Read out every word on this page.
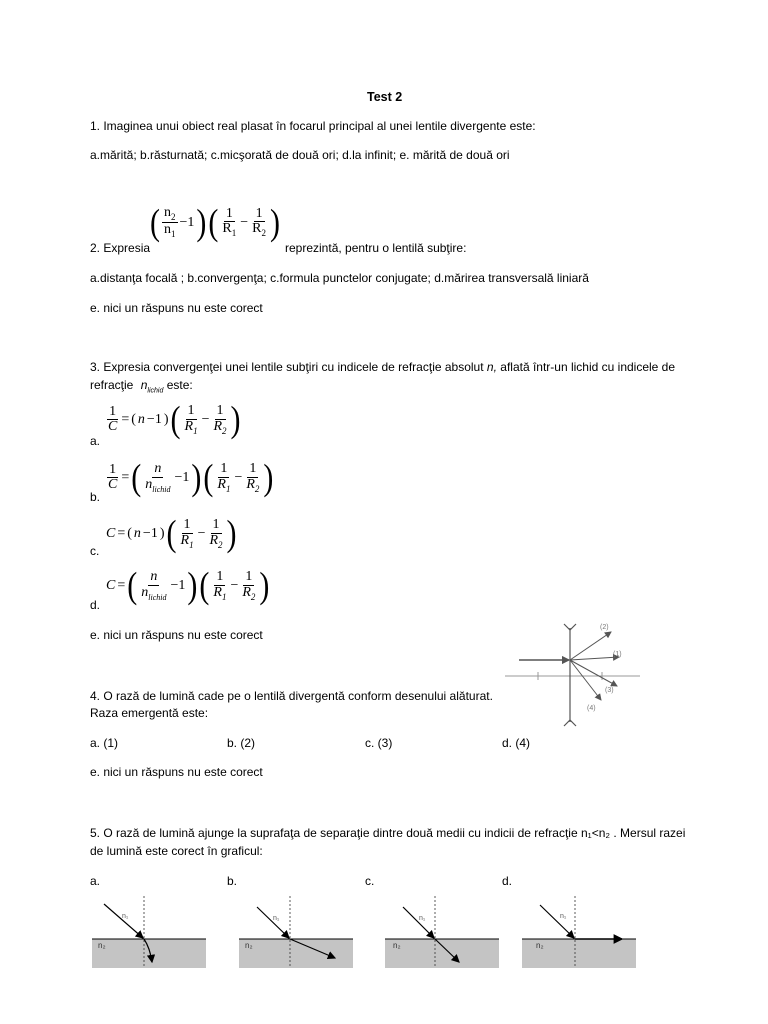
Test 2
1. Imaginea unui obiect real plasat în focarul principal al unei lentile divergente este:
a.mărită; b.răsturnată; c.micşorată de două ori; d.la infinit; e. mărită de două ori
2. Expresia
( $\frac{n_2}{n_1} -1$ ) ( $\frac{1}{R_1} - \frac{1}{R_2}$ )
reprezintă, pentru o lentilă subţire:
a.distanţa focală ; b.convergenţa; c.formula punctelor conjugate; d.mărirea transversală liniară
e. nici un răspuns nu este corect
3. Expresia convergenţei unei lentile subţiri cu indicele de refracţie absolut n, aflată într-un lichid cu indicele de
refracţie $n_{lichid}$ este:
a.
$\frac{1}{C}$ = ( n −1 ) ( $\frac{1}{R_1} - \frac{1}{R_2}$ )
b.
$\frac{1}{C}$ = ( $\frac{n}{n_{lichid}} -1$ ) ( $\frac{1}{R_1} - \frac{1}{R_2}$ )
c.
C = ( n −1 ) ( $\frac{1}{R_1} - \frac{1}{R_2}$ )
d.
C = ( $\frac{n}{n_{lichid}} -1$ ) ( $\frac{1}{R_1} - \frac{1}{R_2}$ )
e. nici un răspuns nu este corect
(2)
(1)
(3)
(4)
4. O rază de lumină cade pe o lentilă divergentă conform desenului alăturat.
Raza emergentă este:
a. (1)	b. (2)	c. (3)	d. (4)
e. nici un răspuns nu este corect
5. O rază de lumină ajunge la suprafaţa de separaţie dintre două medii cu indicii de refracţie n₁<n₂ . Mersul razei
de lumină este corect în graficul:
a.	b.	c.	d.
n₁
n₂
n₁
n₂
n₁
n₂
n₁
n₂
